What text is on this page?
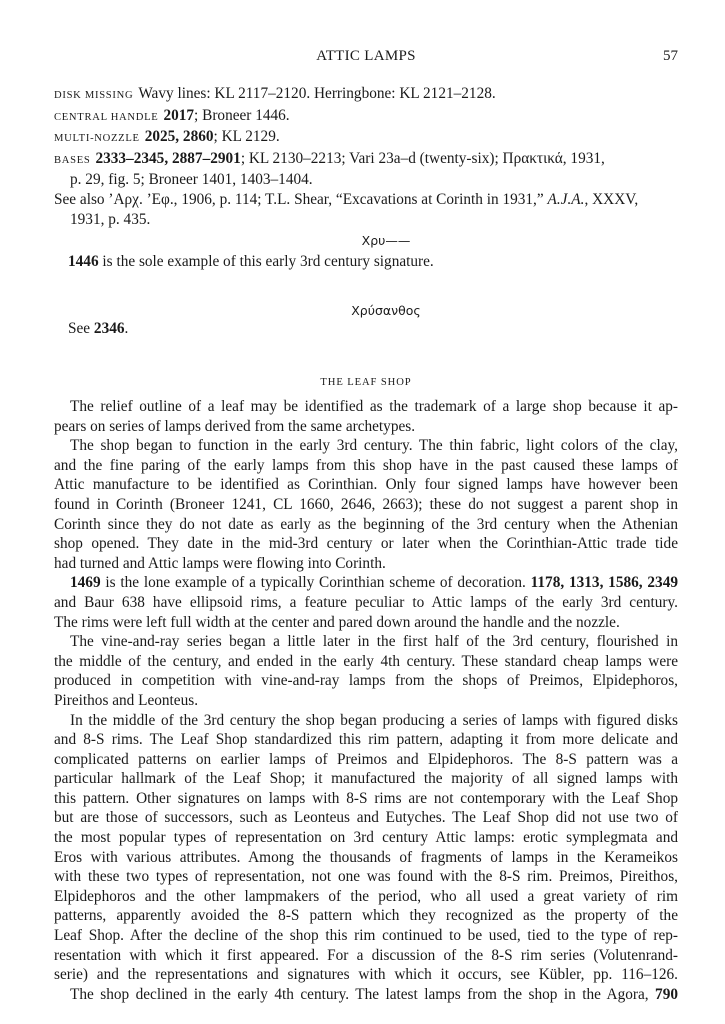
ATTIC LAMPS	57
DISK MISSING Wavy lines: KL 2117–2120. Herringbone: KL 2121–2128.
CENTRAL HANDLE 2017; Broneer 1446.
MULTI-NOZZLE 2025, 2860; KL 2129.
BASES 2333–2345, 2887–2901; KL 2130–2213; Vari 23a–d (twenty-six); Πρακτικά, 1931,
p. 29, fig. 5; Broneer 1401, 1403–1404.
See also ’Αρχ. ’Εφ., 1906, p. 114; T.L. Shear, “Excavations at Corinth in 1931,” A.J.A., XXXV,
1931, p. 435.
Χρυ——
1446 is the sole example of this early 3rd century signature.
Χρύσανθος
See 2346.
THE LEAF SHOP
The relief outline of a leaf may be identified as the trademark of a large shop because it ap-
pears on series of lamps derived from the same archetypes.
The shop began to function in the early 3rd century. The thin fabric, light colors of the clay,
and the fine paring of the early lamps from this shop have in the past caused these lamps of
Attic manufacture to be identified as Corinthian. Only four signed lamps have however been
found in Corinth (Broneer 1241, CL 1660, 2646, 2663); these do not suggest a parent shop in
Corinth since they do not date as early as the beginning of the 3rd century when the Athenian
shop opened. They date in the mid-3rd century or later when the Corinthian-Attic trade tide
had turned and Attic lamps were flowing into Corinth.
1469 is the lone example of a typically Corinthian scheme of decoration. 1178, 1313, 1586, 2349
and Baur 638 have ellipsoid rims, a feature peculiar to Attic lamps of the early 3rd century.
The rims were left full width at the center and pared down around the handle and the nozzle.
The vine-and-ray series began a little later in the first half of the 3rd century, flourished in
the middle of the century, and ended in the early 4th century. These standard cheap lamps were
produced in competition with vine-and-ray lamps from the shops of Preimos, Elpidephoros,
Pireithos and Leonteus.
In the middle of the 3rd century the shop began producing a series of lamps with figured disks
and 8-S rims. The Leaf Shop standardized this rim pattern, adapting it from more delicate and
complicated patterns on earlier lamps of Preimos and Elpidephoros. The 8-S pattern was a
particular hallmark of the Leaf Shop; it manufactured the majority of all signed lamps with
this pattern. Other signatures on lamps with 8-S rims are not contemporary with the Leaf Shop
but are those of successors, such as Leonteus and Eutyches. The Leaf Shop did not use two of
the most popular types of representation on 3rd century Attic lamps: erotic symplegmata and
Eros with various attributes. Among the thousands of fragments of lamps in the Kerameikos
with these two types of representation, not one was found with the 8-S rim. Preimos, Pireithos,
Elpidephoros and the other lampmakers of the period, who all used a great variety of rim
patterns, apparently avoided the 8-S pattern which they recognized as the property of the
Leaf Shop. After the decline of the shop this rim continued to be used, tied to the type of rep-
resentation with which it first appeared. For a discussion of the 8-S rim series (Volutenrand-
serie) and the representations and signatures with which it occurs, see Kübler, pp. 116–126.
The shop declined in the early 4th century. The latest lamps from the shop in the Agora, 790
